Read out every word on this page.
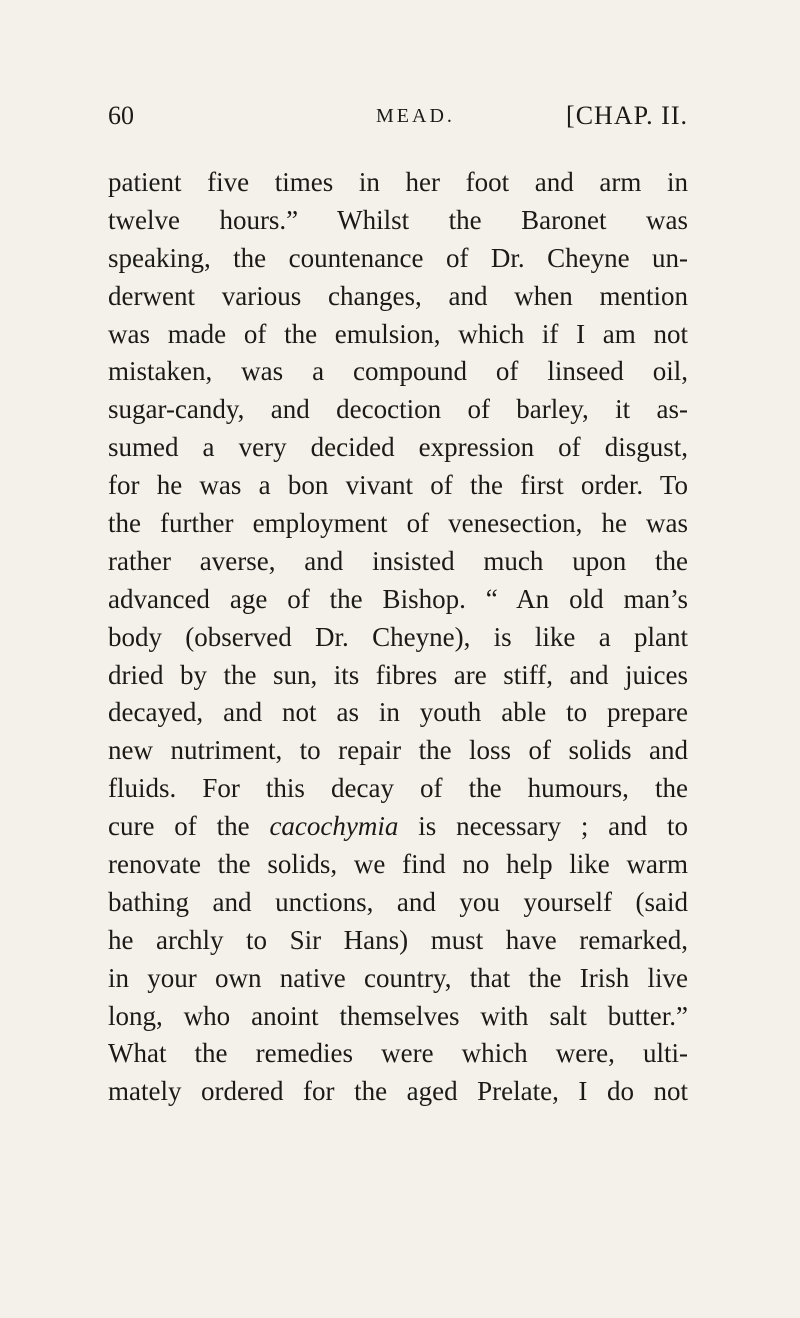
60	MEAD.	[CHAP. II.
patient five times in her foot and arm in
twelve hours.” Whilst the Baronet was
speaking, the countenance of Dr. Cheyne un-
derwent various changes, and when mention
was made of the emulsion, which if I am not
mistaken, was a compound of linseed oil,
sugar-candy, and decoction of barley, it as-
sumed a very decided expression of disgust,
for he was a bon vivant of the first order. To
the further employment of venesection, he was
rather averse, and insisted much upon the
advanced age of the Bishop. “ An old man’s
body (observed Dr. Cheyne), is like a plant
dried by the sun, its fibres are stiff, and juices
decayed, and not as in youth able to prepare
new nutriment, to repair the loss of solids and
fluids. For this decay of the humours, the
cure of the cacochymia is necessary ; and to
renovate the solids, we find no help like warm
bathing and unctions, and you yourself (said
he archly to Sir Hans) must have remarked,
in your own native country, that the Irish live
long, who anoint themselves with salt butter.”
What the remedies were which were, ulti-
mately ordered for the aged Prelate, I do not
